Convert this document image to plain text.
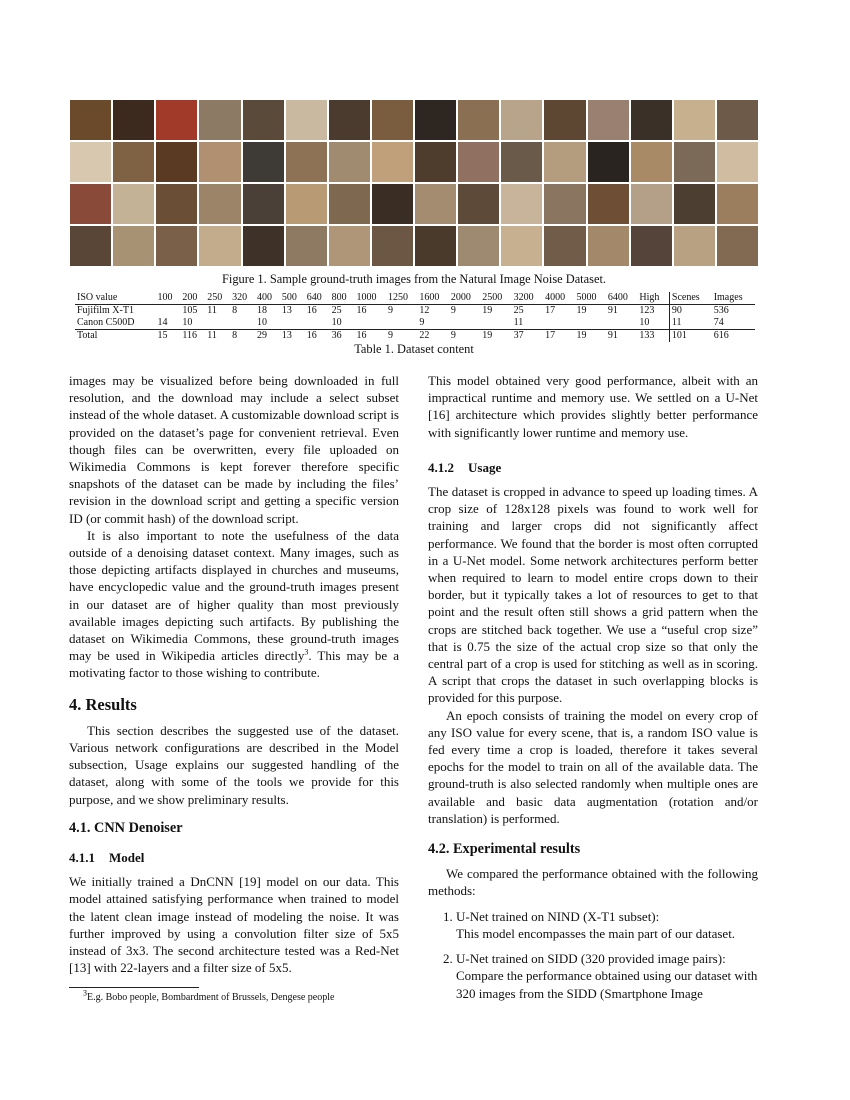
Figure 1. Sample ground-truth images from the Natural Image Noise Dataset.
ISO value	100	200	250	320	400	500	640	800	1000	1250	1600	2000	2500	3200	4000	5000	6400	High	Scenes	Images
Fujifilm X-T1		105	11	8	18	13	16	25	16	9	12	9	19	25	17	19	91	123	90	536
Canon C500D	14	10			10			10			9			11				10	11	74
Total	15	116	11	8	29	13	16	36	16	9	22	9	19	37	17	19	91	133	101	616
Table 1. Dataset content

images may be visualized before being downloaded in full resolution, and the download may include a select subset instead of the whole dataset. A customizable download script is provided on the dataset’s page for convenient retrieval. Even though files can be overwritten, every file uploaded on Wikimedia Commons is kept forever therefore specific snapshots of the dataset can be made by including the files’ revision in the download script and getting a specific version ID (or commit hash) of the download script.

It is also important to note the usefulness of the data outside of a denoising dataset context. Many images, such as those depicting artifacts displayed in churches and museums, have encyclopedic value and the ground-truth images present in our dataset are of higher quality than most previously available images depicting such artifacts. By publishing the dataset on Wikimedia Commons, these ground-truth images may be used in Wikipedia articles directly$^3$. This may be a motivating factor to those wishing to contribute.

4. Results

This section describes the suggested use of the dataset. Various network configurations are described in the Model subsection, Usage explains our suggested handling of the dataset, along with some of the tools we provide for this purpose, and we show preliminary results.

4.1. CNN Denoiser
4.1.1 Model

We initially trained a DnCNN [19] model on our data. This model attained satisfying performance when trained to model the latent clean image instead of modeling the noise. It was further improved by using a convolution filter size of 5x5 instead of 3x3. The second architecture tested was a Red-Net [13] with 22-layers and a filter size of 5x5.

$^3$E.g. Bobo people, Bombardment of Brussels, Dengese people

This model obtained very good performance, albeit with an impractical runtime and memory use. We settled on a U-Net [16] architecture which provides slightly better performance with significantly lower runtime and memory use.

4.1.2 Usage

The dataset is cropped in advance to speed up loading times. A crop size of 128x128 pixels was found to work well for training and larger crops did not significantly affect performance. We found that the border is most often corrupted in a U-Net model. Some network architectures perform better when required to learn to model entire crops down to their border, but it typically takes a lot of resources to get to that point and the result often still shows a grid pattern when the crops are stitched back together. We use a “useful crop size” that is 0.75 the size of the actual crop size so that only the central part of a crop is used for stitching as well as in scoring. A script that crops the dataset in such overlapping blocks is provided for this purpose.

An epoch consists of training the model on every crop of any ISO value for every scene, that is, a random ISO value is fed every time a crop is loaded, therefore it takes several epochs for the model to train on all of the available data. The ground-truth is also selected randomly when multiple ones are available and basic data augmentation (rotation and/or translation) is performed.

4.2. Experimental results

We compared the performance obtained with the following methods:

1. U-Net trained on NIND (X-T1 subset):
This model encompasses the main part of our dataset.
2. U-Net trained on SIDD (320 provided image pairs):
Compare the performance obtained using our dataset with 320 images from the SIDD (Smartphone Image
